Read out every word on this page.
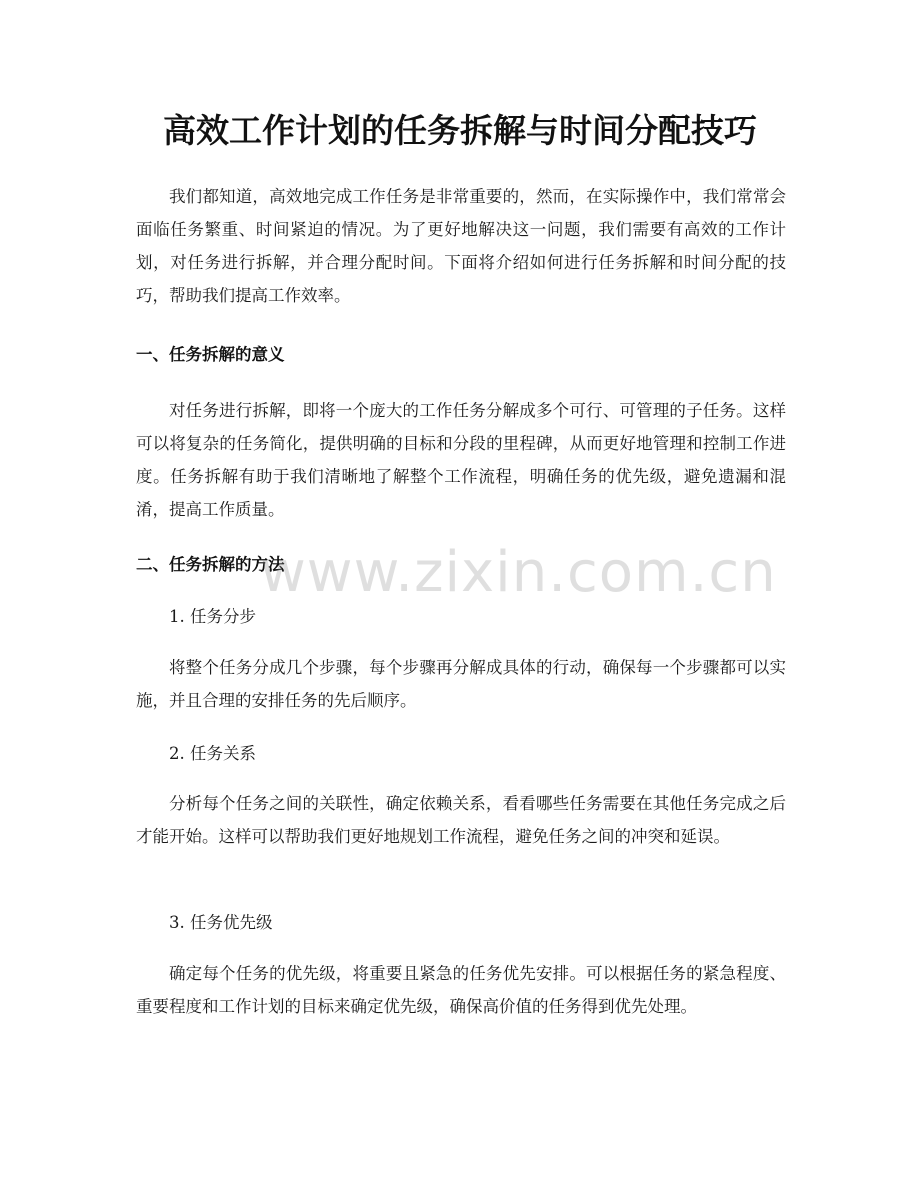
高效工作计划的任务拆解与时间分配技巧

我们都知道，高效地完成工作任务是非常重要的，然而，在实际操作中，我们常常会面临任务繁重、时间紧迫的情况。为了更好地解决这一问题，我们需要有高效的工作计划，对任务进行拆解，并合理分配时间。下面将介绍如何进行任务拆解和时间分配的技巧，帮助我们提高工作效率。

一、任务拆解的意义

对任务进行拆解，即将一个庞大的工作任务分解成多个可行、可管理的子任务。这样可以将复杂的任务简化，提供明确的目标和分段的里程碑，从而更好地管理和控制工作进度。任务拆解有助于我们清晰地了解整个工作流程，明确任务的优先级，避免遗漏和混淆，提高工作质量。

二、任务拆解的方法

1. 任务分步

将整个任务分成几个步骤，每个步骤再分解成具体的行动，确保每一个步骤都可以实施，并且合理的安排任务的先后顺序。

2. 任务关系

分析每个任务之间的关联性，确定依赖关系，看看哪些任务需要在其他任务完成之后才能开始。这样可以帮助我们更好地规划工作流程，避免任务之间的冲突和延误。

3. 任务优先级

确定每个任务的优先级，将重要且紧急的任务优先安排。可以根据任务的紧急程度、重要程度和工作计划的目标来确定优先级，确保高价值的任务得到优先处理。

www.zixin.com.cn
